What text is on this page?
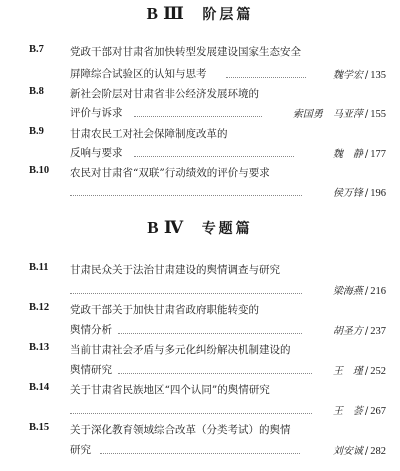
B Ⅲ 阶层篇
B.7 党政干部对甘肃省加快转型发展建设国家生态安全
屏障综合试验区的认知与思考	魏学宏 / 135
B.8 新社会阶层对甘肃省非公经济发展环境的
评价与诉求	索国勇　马亚萍 / 155
B.9 甘肃农民工对社会保障制度改革的
反响与要求	魏　静 / 177
B.10 农民对甘肃省“双联”行动绩效的评价与要求
侯万锋 / 196
B Ⅳ 专题篇
B.11 甘肃民众关于法治甘肃建设的舆情调查与研究
梁海燕 / 216
B.12 党政干部关于加快甘肃省政府职能转变的
舆情分析	胡圣方 / 237
B.13 当前甘肃社会矛盾与多元化纠纷解决机制建设的
舆情研究	王　瑾 / 252
B.14 关于甘肃省民族地区“四个认同”的舆情研究
王　荟 / 267
B.15 关于深化教育领域综合改革（分类考试）的舆情
研究	刘安诚 / 282
